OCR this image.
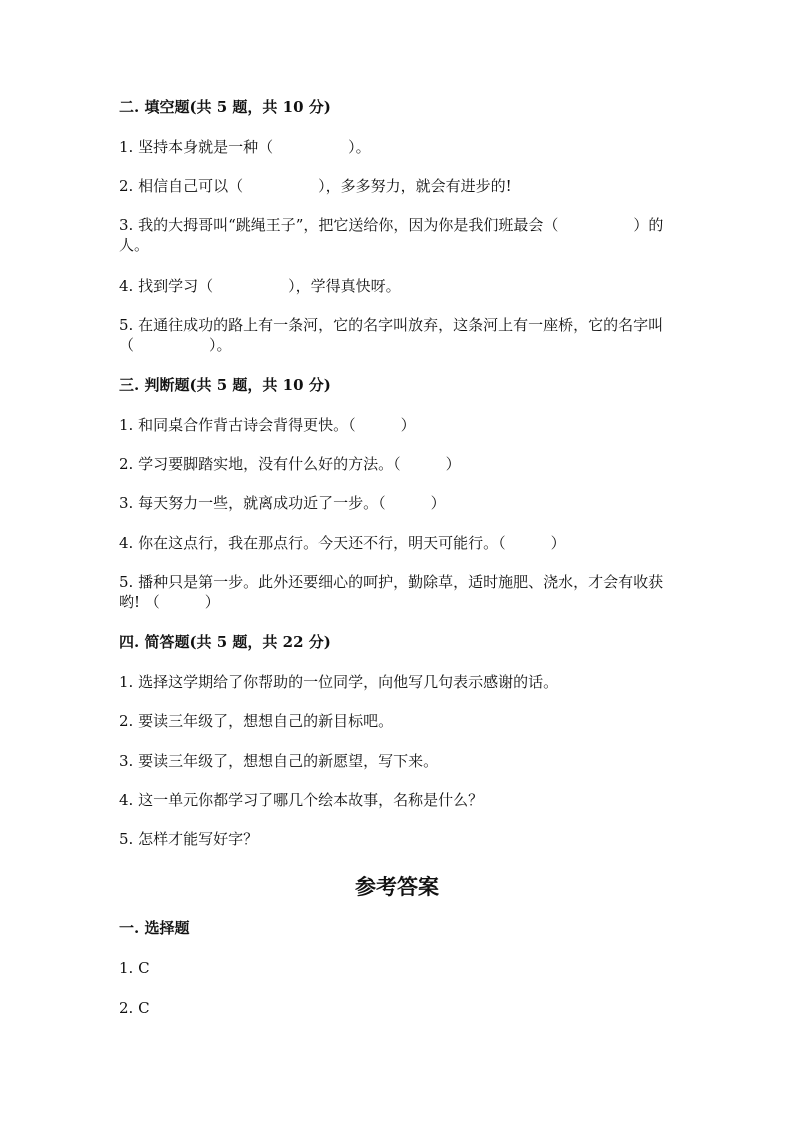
二. 填空题(共 5 题，共 10 分)

1. 坚持本身就是一种（　　　　　）。

2. 相信自己可以（　　　　　），多多努力，就会有进步的!

3. 我的大拇哥叫“跳绳王子”，把它送给你，因为你是我们班最会（　　　　　）的人。

4. 找到学习（　　　　　），学得真快呀。

5. 在通往成功的路上有一条河，它的名字叫放弃，这条河上有一座桥，它的名字叫（　　　　　）。

三. 判断题(共 5 题，共 10 分)

1. 和同桌合作背古诗会背得更快。（　　　）

2. 学习要脚踏实地，没有什么好的方法。（　　　）

3. 每天努力一些，就离成功近了一步。（　　　）

4. 你在这点行，我在那点行。今天还不行，明天可能行。（　　　）

5. 播种只是第一步。此外还要细心的呵护，勤除草，适时施肥、浇水，才会有收获哟! （　　　）

四. 简答题(共 5 题，共 22 分)

1. 选择这学期给了你帮助的一位同学，向他写几句表示感谢的话。

2. 要读三年级了，想想自己的新目标吧。

3. 要读三年级了，想想自己的新愿望，写下来。

4. 这一单元你都学习了哪几个绘本故事，名称是什么？

5. 怎样才能写好字？

参考答案

一. 选择题

1. C

2. C
